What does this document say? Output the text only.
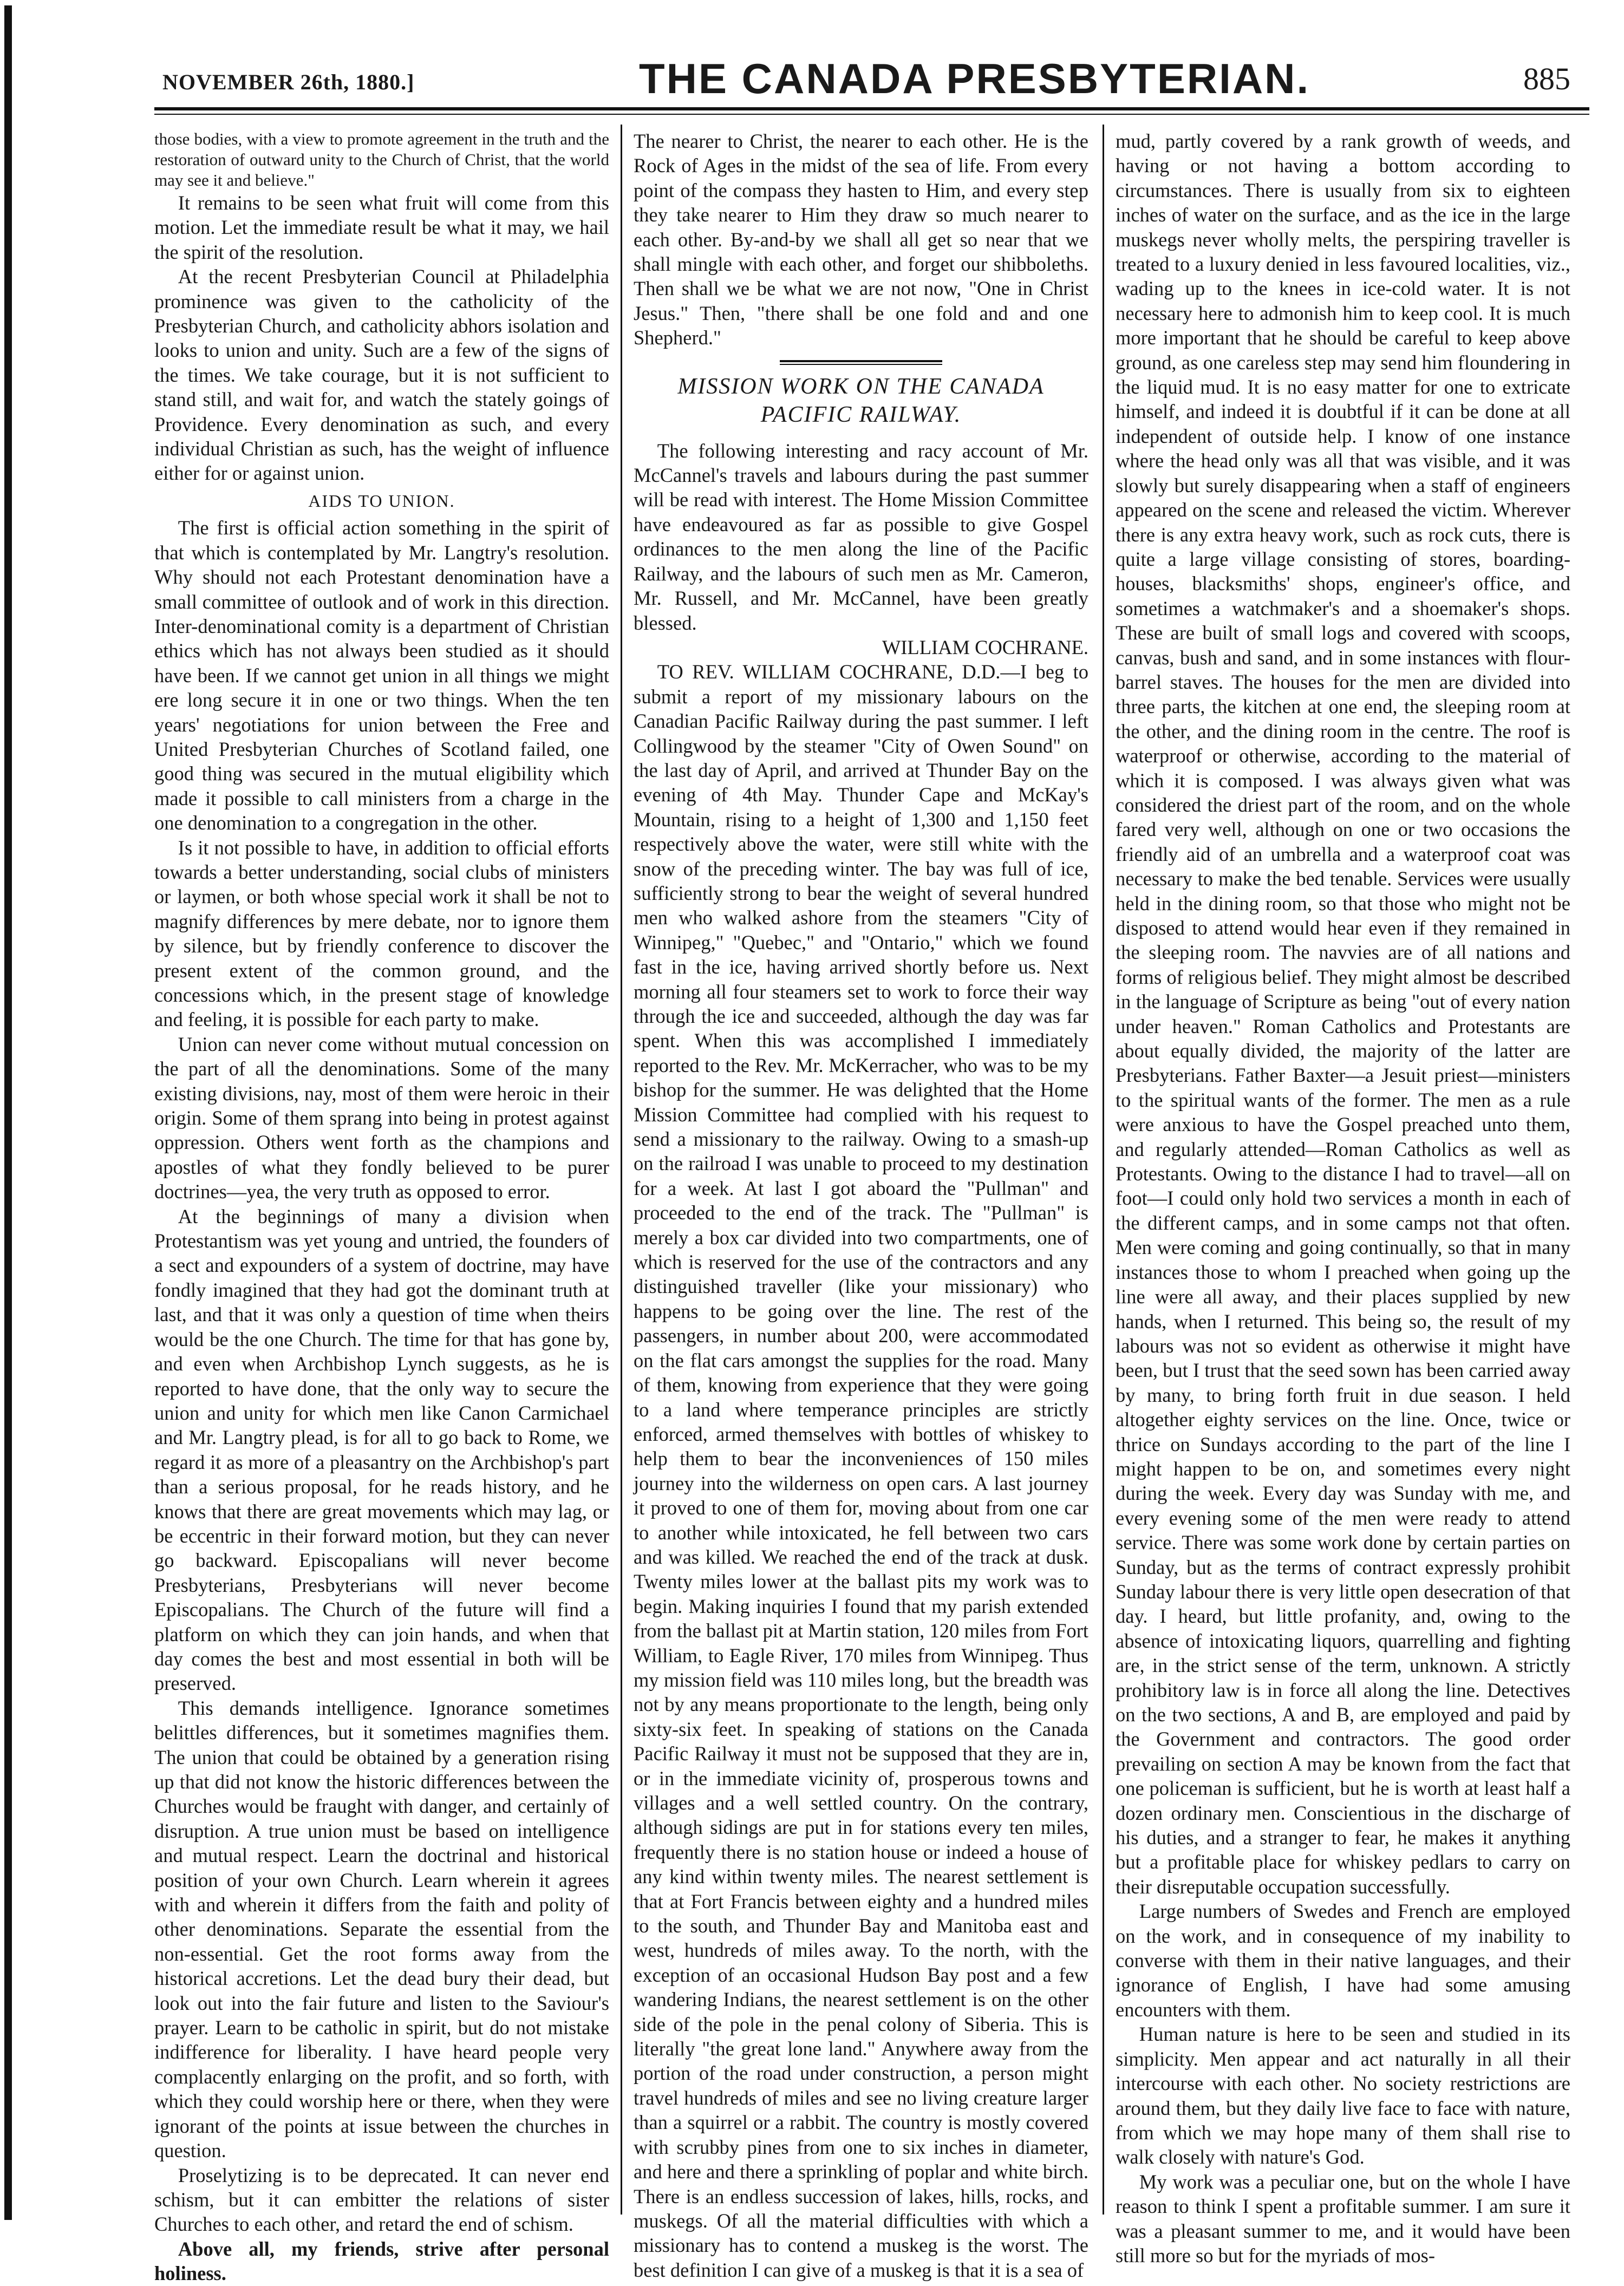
NOVEMBER 26th, 1880.]	THE CANADA PRESBYTERIAN.	885

those bodies, with a view to promote agreement in the truth and the restoration of outward unity to the Church of Christ, that the world may see it and believe."

It remains to be seen what fruit will come from this motion. Let the immediate result be what it may, we hail the spirit of the resolution.

At the recent Presbyterian Council at Philadelphia prominence was given to the catholicity of the Presbyterian Church, and catholicity abhors isolation and looks to union and unity. Such are a few of the signs of the times. We take courage, but it is not sufficient to stand still, and wait for, and watch the stately goings of Providence. Every denomination as such, and every individual Christian as such, has the weight of influence either for or against union.

AIDS TO UNION.

The first is official action something in the spirit of that which is contemplated by Mr. Langtry's resolution. Why should not each Protestant denomination have a small committee of outlook and of work in this direction. Inter-denominational comity is a department of Christian ethics which has not always been studied as it should have been. If we cannot get union in all things we might ere long secure it in one or two things. When the ten years' negotiations for union between the Free and United Presbyterian Churches of Scotland failed, one good thing was secured in the mutual eligibility which made it possible to call ministers from a charge in the one denomination to a congregation in the other.

Is it not possible to have, in addition to official efforts towards a better understanding, social clubs of ministers or laymen, or both whose special work it shall be not to magnify differences by mere debate, nor to ignore them by silence, but by friendly conference to discover the present extent of the common ground, and the concessions which, in the present stage of knowledge and feeling, it is possible for each party to make.

Union can never come without mutual concession on the part of all the denominations. Some of the many existing divisions, nay, most of them were heroic in their origin. Some of them sprang into being in protest against oppression. Others went forth as the champions and apostles of what they fondly believed to be purer doctrines—yea, the very truth as opposed to error.

At the beginnings of many a division when Protestantism was yet young and untried, the founders of a sect and expounders of a system of doctrine, may have fondly imagined that they had got the dominant truth at last, and that it was only a question of time when theirs would be the one Church. The time for that has gone by, and even when Archbishop Lynch suggests, as he is reported to have done, that the only way to secure the union and unity for which men like Canon Carmichael and Mr. Langtry plead, is for all to go back to Rome, we regard it as more of a pleasantry on the Archbishop's part than a serious proposal, for he reads history, and he knows that there are great movements which may lag, or be eccentric in their forward motion, but they can never go backward. Episcopalians will never become Presbyterians, Presbyterians will never become Episcopalians. The Church of the future will find a platform on which they can join hands, and when that day comes the best and most essential in both will be preserved.

This demands intelligence. Ignorance sometimes belittles differences, but it sometimes magnifies them. The union that could be obtained by a generation rising up that did not know the historic differences between the Churches would be fraught with danger, and certainly of disruption. A true union must be based on intelligence and mutual respect. Learn the doctrinal and historical position of your own Church. Learn wherein it agrees with and wherein it differs from the faith and polity of other denominations. Separate the essential from the non-essential. Get the root forms away from the historical accretions. Let the dead bury their dead, but look out into the fair future and listen to the Saviour's prayer. Learn to be catholic in spirit, but do not mistake indifference for liberality. I have heard people very complacently enlarging on the profit, and so forth, with which they could worship here or there, when they were ignorant of the points at issue between the churches in question.

Proselytizing is to be deprecated. It can never end schism, but it can embitter the relations of sister Churches to each other, and retard the end of schism.

Above all, my friends, strive after personal holiness.

The nearer to Christ, the nearer to each other. He is the Rock of Ages in the midst of the sea of life. From every point of the compass they hasten to Him, and every step they take nearer to Him they draw so much nearer to each other. By-and-by we shall all get so near that we shall mingle with each other, and forget our shibboleths. Then shall we be what we are not now, "One in Christ Jesus." Then, "there shall be one fold and and one Shepherd."

MISSION WORK ON THE CANADA PACIFIC RAILWAY.

The following interesting and racy account of Mr. McCannel's travels and labours during the past summer will be read with interest. The Home Mission Committee have endeavoured as far as possible to give Gospel ordinances to the men along the line of the Pacific Railway, and the labours of such men as Mr. Cameron, Mr. Russell, and Mr. McCannel, have been greatly blessed.

WILLIAM COCHRANE.

TO REV. WILLIAM COCHRANE, D.D.—I beg to submit a report of my missionary labours on the Canadian Pacific Railway during the past summer. I left Collingwood by the steamer "City of Owen Sound" on the last day of April, and arrived at Thunder Bay on the evening of 4th May. Thunder Cape and McKay's Mountain, rising to a height of 1,300 and 1,150 feet respectively above the water, were still white with the snow of the preceding winter. The bay was full of ice, sufficiently strong to bear the weight of several hundred men who walked ashore from the steamers "City of Winnipeg," "Quebec," and "Ontario," which we found fast in the ice, having arrived shortly before us. Next morning all four steamers set to work to force their way through the ice and succeeded, although the day was far spent. When this was accomplished I immediately reported to the Rev. Mr. McKerracher, who was to be my bishop for the summer. He was delighted that the Home Mission Committee had complied with his request to send a missionary to the railway. Owing to a smash-up on the railroad I was unable to proceed to my destination for a week. At last I got aboard the "Pullman" and proceeded to the end of the track. The "Pullman" is merely a box car divided into two compartments, one of which is reserved for the use of the contractors and any distinguished traveller (like your missionary) who happens to be going over the line. The rest of the passengers, in number about 200, were accommodated on the flat cars amongst the supplies for the road. Many of them, knowing from experience that they were going to a land where temperance principles are strictly enforced, armed themselves with bottles of whiskey to help them to bear the inconveniences of 150 miles journey into the wilderness on open cars. A last journey it proved to one of them for, moving about from one car to another while intoxicated, he fell between two cars and was killed. We reached the end of the track at dusk. Twenty miles lower at the ballast pits my work was to begin. Making inquiries I found that my parish extended from the ballast pit at Martin station, 120 miles from Fort William, to Eagle River, 170 miles from Winnipeg. Thus my mission field was 110 miles long, but the breadth was not by any means proportionate to the length, being only sixty-six feet. In speaking of stations on the Canada Pacific Railway it must not be supposed that they are in, or in the immediate vicinity of, prosperous towns and villages and a well settled country. On the contrary, although sidings are put in for stations every ten miles, frequently there is no station house or indeed a house of any kind within twenty miles. The nearest settlement is that at Fort Francis between eighty and a hundred miles to the south, and Thunder Bay and Manitoba east and west, hundreds of miles away. To the north, with the exception of an occasional Hudson Bay post and a few wandering Indians, the nearest settlement is on the other side of the pole in the penal colony of Siberia. This is literally "the great lone land." Anywhere away from the portion of the road under construction, a person might travel hundreds of miles and see no living creature larger than a squirrel or a rabbit. The country is mostly covered with scrubby pines from one to six inches in diameter, and here and there a sprinkling of poplar and white birch. There is an endless succession of lakes, hills, rocks, and muskegs. Of all the material difficulties with which a missionary has to contend a muskeg is the worst. The best definition I can give of a muskeg is that it is a sea of

mud, partly covered by a rank growth of weeds, and having or not having a bottom according to circumstances. There is usually from six to eighteen inches of water on the surface, and as the ice in the large muskegs never wholly melts, the perspiring traveller is treated to a luxury denied in less favoured localities, viz., wading up to the knees in ice-cold water. It is not necessary here to admonish him to keep cool. It is much more important that he should be careful to keep above ground, as one careless step may send him floundering in the liquid mud. It is no easy matter for one to extricate himself, and indeed it is doubtful if it can be done at all independent of outside help. I know of one instance where the head only was all that was visible, and it was slowly but surely disappearing when a staff of engineers appeared on the scene and released the victim. Wherever there is any extra heavy work, such as rock cuts, there is quite a large village consisting of stores, boarding-houses, blacksmiths' shops, engineer's office, and sometimes a watchmaker's and a shoemaker's shops. These are built of small logs and covered with scoops, canvas, bush and sand, and in some instances with flour-barrel staves. The houses for the men are divided into three parts, the kitchen at one end, the sleeping room at the other, and the dining room in the centre. The roof is waterproof or otherwise, according to the material of which it is composed. I was always given what was considered the driest part of the room, and on the whole fared very well, although on one or two occasions the friendly aid of an umbrella and a waterproof coat was necessary to make the bed tenable. Services were usually held in the dining room, so that those who might not be disposed to attend would hear even if they remained in the sleeping room. The navvies are of all nations and forms of religious belief. They might almost be described in the language of Scripture as being "out of every nation under heaven." Roman Catholics and Protestants are about equally divided, the majority of the latter are Presbyterians. Father Baxter—a Jesuit priest—ministers to the spiritual wants of the former. The men as a rule were anxious to have the Gospel preached unto them, and regularly attended—Roman Catholics as well as Protestants. Owing to the distance I had to travel—all on foot—I could only hold two services a month in each of the different camps, and in some camps not that often. Men were coming and going continually, so that in many instances those to whom I preached when going up the line were all away, and their places supplied by new hands, when I returned. This being so, the result of my labours was not so evident as otherwise it might have been, but I trust that the seed sown has been carried away by many, to bring forth fruit in due season. I held altogether eighty services on the line. Once, twice or thrice on Sundays according to the part of the line I might happen to be on, and sometimes every night during the week. Every day was Sunday with me, and every evening some of the men were ready to attend service. There was some work done by certain parties on Sunday, but as the terms of contract expressly prohibit Sunday labour there is very little open desecration of that day. I heard, but little profanity, and, owing to the absence of intoxicating liquors, quarrelling and fighting are, in the strict sense of the term, unknown. A strictly prohibitory law is in force all along the line. Detectives on the two sections, A and B, are employed and paid by the Government and contractors. The good order prevailing on section A may be known from the fact that one policeman is sufficient, but he is worth at least half a dozen ordinary men. Conscientious in the discharge of his duties, and a stranger to fear, he makes it anything but a profitable place for whiskey pedlars to carry on their disreputable occupation successfully.

Large numbers of Swedes and French are employed on the work, and in consequence of my inability to converse with them in their native languages, and their ignorance of English, I have had some amusing encounters with them.

Human nature is here to be seen and studied in its simplicity. Men appear and act naturally in all their intercourse with each other. No society restrictions are around them, but they daily live face to face with nature, from which we may hope many of them shall rise to walk closely with nature's God.

My work was a peculiar one, but on the whole I have reason to think I spent a profitable summer. I am sure it was a pleasant summer to me, and it would have been still more so but for the myriads of mos-
